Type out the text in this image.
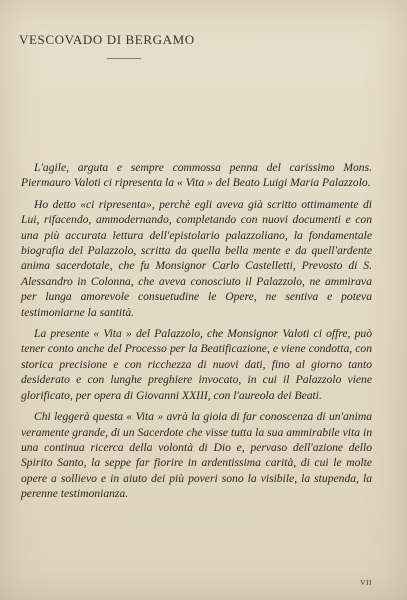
VESCOVADO DI BERGAMO

L'agile, arguta e sempre commossa penna del carissimo Mons. Piermauro Valoti ci ripresenta la « Vita » del Beato Luigi Maria Palazzolo.

Ho detto «ci ripresenta», perchè egli aveva già scritto ottimamente di Lui, rifacendo, ammodernando, completando con nuovi documenti e con una più accurata lettura dell'epistolario palazzoliano, la fondamentale biografia del Palazzolo, scritta da quella bella mente e da quell'ardente anima sacerdotale, che fu Monsignor Carlo Castelletti, Prevosto di S. Alessandro in Colonna, che aveva conosciuto il Palazzolo, ne ammirava per lunga amorevole consuetudine le Opere, ne sentiva e poteva testimoniarne la santità.

La presente « Vita » del Palazzolo, che Monsignor Valoti ci offre, può tener conto anche del Processo per la Beatificazione, e viene condotta, con storica precisione e con ricchezza di nuovi dati, fino al giorno tanto desiderato e con lunghe preghiere invocato, in cui il Palazzolo viene glorificato, per opera di Giovanni XXIII, con l'aureola dei Beati.

Chi leggerà questa « Vita » avrà la gioia di far conoscenza di un'anima veramente grande, di un Sacerdote che visse tutta la sua ammirabile vita in una continua ricerca della volontà di Dio e, pervaso dell'azione dello Spirito Santo, la seppe far fiorire in ardentissima carità, di cui le molte opere a sollievo e in aiuto dei più poveri sono la visibile, la stupenda, la perenne testimonianza.

VII
